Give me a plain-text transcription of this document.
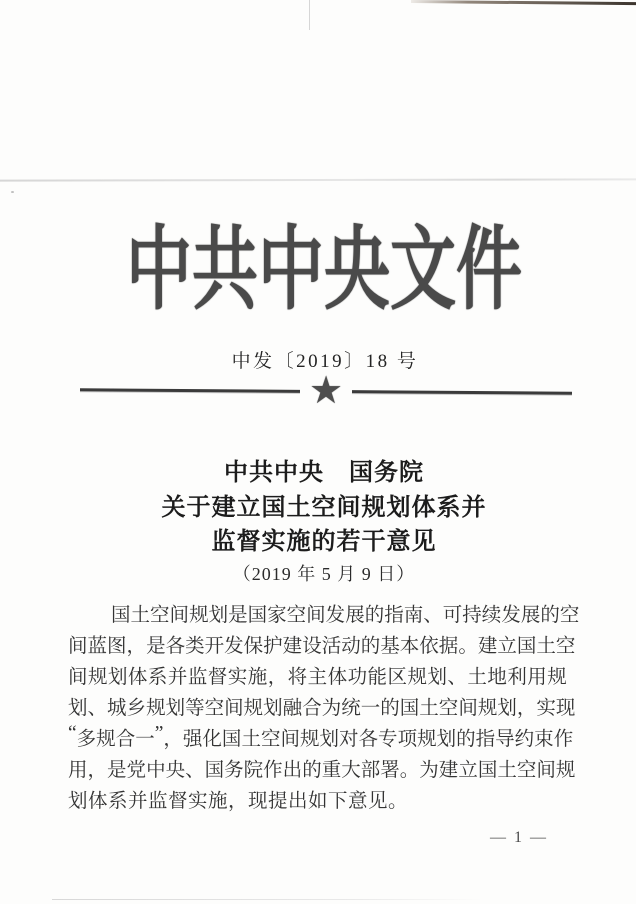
中共中央文件
中发〔2019〕18 号
★
中共中央　国务院
关于建立国土空间规划体系并
监督实施的若干意见
（2019 年 5 月 9 日）
国 土 空 间 规 划 是 国 家 空 间 发 展 的 指 南 、 可 持 续 发 展 的 空
间 蓝 图 ， 是 各 类 开 发 保 护 建 设 活 动 的 基 本 依 据 。 建 立 国 土 空
间 规 划 体 系 并 监 督 实 施 ， 将 主 体 功 能 区 规 划 、 土 地 利 用 规
划 、 城 乡 规 划 等 空 间 规 划 融 合 为 统 一 的 国 土 空 间 规 划 ， 实 现
“ 多 规 合 一 ” ， 强 化 国 土 空 间 规 划 对 各 专 项 规 划 的 指 导 约 束 作
用 ， 是 党 中 央 、 国 务 院 作 出 的 重 大 部 署 。 为 建 立 国 土 空 间 规
划体系并监督实施，现提出如下意见。
— 1 —
